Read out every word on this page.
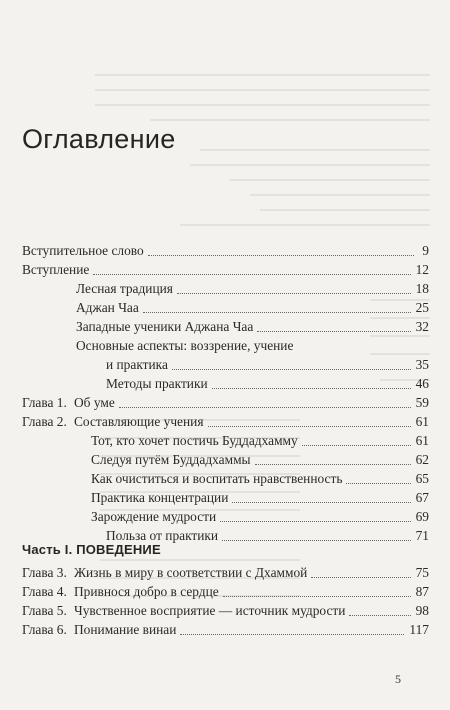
Оглавление
Вступительное слово	9
Вступление	12
Лесная традиция	18
Аджан Чаа	25
Западные ученики Аджана Чаа	32
Основные аспекты: воззрение, учение
и практика	35
Методы практики	46
Глава 1. Об уме	59
Глава 2. Составляющие учения	61
Тот, кто хочет постичь Буддадхамму	61
Следуя путём Буддадхаммы	62
Как очиститься и воспитать нравственность	65
Практика концентрации	67
Зарождение мудрости	69
Польза от практики	71
Часть I. ПОВЕДЕНИЕ
Глава 3. Жизнь в миру в соответствии с Дхаммой	75
Глава 4. Привнося добро в сердце	87
Глава 5. Чувственное восприятие — источник мудрости	98
Глава 6. Понимание винаи	117
5
